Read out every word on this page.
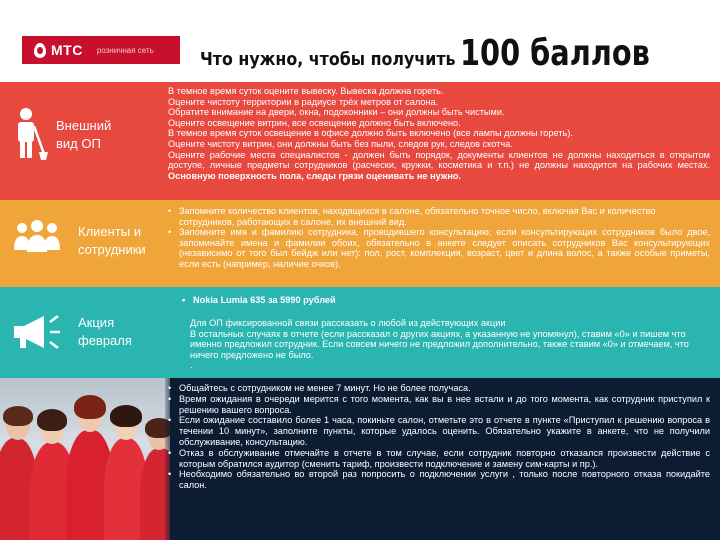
МТС розничная сеть	Что нужно, чтобы получить 100 баллов
Внешний
вид ОП
В темное время суток оцените вывеску. Вывеска должна гореть.
Оцените чистоту территории в радиусе трёх метров от салона.
Обратите внимание на двери, окна, подоконники – они должны быть чистыми.
Оцените освещение витрин, все освещение должно быть включено.
В темное время суток освещение в офисе должно быть включено (все лампы должны гореть).
Оцените чистоту витрин, они должны быть без пыли, следов рук, следов скотча.
Оцените рабочие места специалистов - должен быть порядок, документы клиентов не должны находиться в открытом доступе, личные предметы сотрудников (расчески, кружки, косметика и т.п.) не должны находится на рабочих местах. Основную поверхность пола, следы грязи оценивать не нужно.
Клиенты и
сотрудники
• Запомните количество клиентов, находящихся в салоне, обязательно точное число, включая Вас и количество сотрудников, работающих в салоне, их внешний вид.
• Запомните имя и фамилию сотрудника, проводившего консультацию; если консультирующих сотрудников было двое, запоминайте имена и фамилии обоих, обязательно в анкете следует описать сотрудников Вас консультирующих (независимо от того был бейдж или нет): пол, рост, комплекция, возраст, цвет и длина волос, а также особые приметы, если есть (например, наличие очков).
Акция
февраля
• Nokia Lumia 635 за 5990 рублей
Для ОП фиксированной связи рассказать о любой из действующих акции
В остальных случаях в отчете (если рассказал о других акциях, а указанную не упомянул), ставим «0» и пишем что именно предложил сотрудник. Если совсем ничего не предложил дополнительно, также ставим «0» и отмечаем, что ничего предложено не было.
.
• Общайтесь с сотрудником не менее 7 минут. Но не более получаса.
• Время ожидания в очереди мерится с того момента, как вы в нее встали и до того момента, как сотрудник приступил к решению вашего вопроса.
• Если ожидание составило более 1 часа, покиньте салон, отметьте это в отчете в пункте «Приступил к решению вопроса в течении 10 минут», заполните пункты, которые удалось оценить. Обязательно укажите в анкете, что не получили обслуживание, консультацию.
• Отказ в обслуживание отмечайте в отчете в том случае, если сотрудник повторно отказался произвести действие с которым обратился аудитор (сменить тариф, произвести подключение и замену сим-карты и пр.).
• Необходимо обязательно во второй раз попросить о подключении услуги , только после повторного отказа покидайте салон.
